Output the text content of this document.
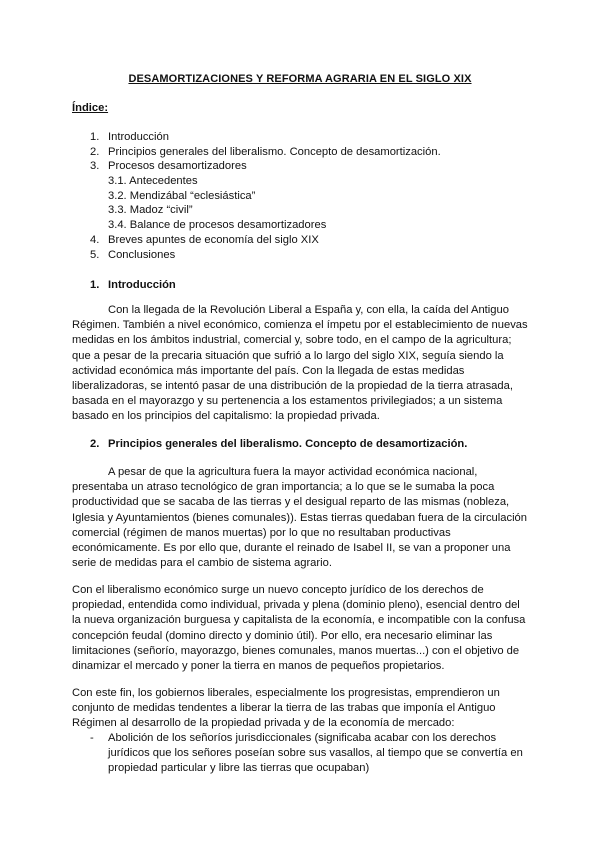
DESAMORTIZACIONES Y REFORMA AGRARIA EN EL SIGLO XIX
Índice:
1. Introducción
2. Principios generales del liberalismo. Concepto de desamortización.
3. Procesos desamortizadores
3.1. Antecedentes
3.2. Mendizábal “eclesiástica”
3.3. Madoz “civil”
3.4. Balance de procesos desamortizadores
4. Breves apuntes de economía del siglo XIX
5. Conclusiones
1. Introducción
Con la llegada de la Revolución Liberal a España y, con ella, la caída del Antiguo
Régimen. También a nivel económico, comienza el ímpetu por el establecimiento de nuevas
medidas en los ámbitos industrial, comercial y, sobre todo, en el campo de la agricultura;
que a pesar de la precaria situación que sufrió a lo largo del siglo XIX, seguía siendo la
actividad económica más importante del país. Con la llegada de estas medidas
liberalizadoras, se intentó pasar de una distribución de la propiedad de la tierra atrasada,
basada en el mayorazgo y su pertenencia a los estamentos privilegiados; a un sistema
basado en los principios del capitalismo: la propiedad privada.
2. Principios generales del liberalismo. Concepto de desamortización.
A pesar de que la agricultura fuera la mayor actividad económica nacional,
presentaba un atraso tecnológico de gran importancia; a lo que se le sumaba la poca
productividad que se sacaba de las tierras y el desigual reparto de las mismas (nobleza,
Iglesia y Ayuntamientos (bienes comunales)). Estas tierras quedaban fuera de la circulación
comercial (régimen de manos muertas) por lo que no resultaban productivas
económicamente. Es por ello que, durante el reinado de Isabel II, se van a proponer una
serie de medidas para el cambio de sistema agrario.
Con el liberalismo económico surge un nuevo concepto jurídico de los derechos de
propiedad, entendida como individual, privada y plena (dominio pleno), esencial dentro del
la nueva organización burguesa y capitalista de la economía, e incompatible con la confusa
concepción feudal (domino directo y dominio útil). Por ello, era necesario eliminar las
limitaciones (señorío, mayorazgo, bienes comunales, manos muertas...) con el objetivo de
dinamizar el mercado y poner la tierra en manos de pequeños propietarios.
Con este fin, los gobiernos liberales, especialmente los progresistas, emprendieron un
conjunto de medidas tendentes a liberar la tierra de las trabas que imponía el Antiguo
Régimen al desarrollo de la propiedad privada y de la economía de mercado:
- Abolición de los señoríos jurisdiccionales (significaba acabar con los derechos
jurídicos que los señores poseían sobre sus vasallos, al tiempo que se convertía en
propiedad particular y libre las tierras que ocupaban)
